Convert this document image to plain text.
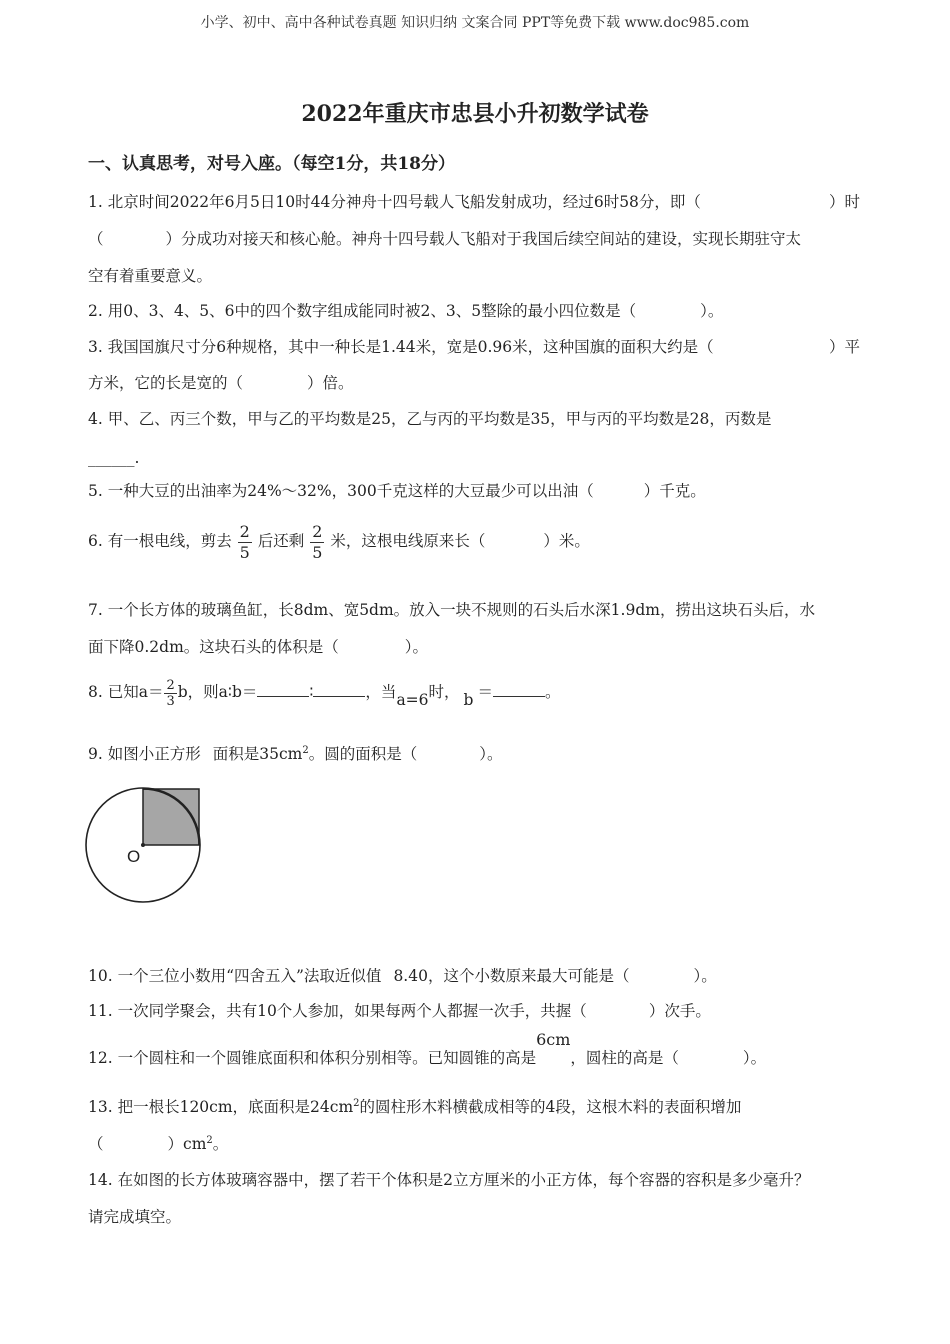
小学、初中、高中各种试卷真题 知识归纳 文案合同 PPT等免费下载 www.doc985.com
2022年重庆市忠县小升初数学试卷
一、认真思考，对号入座。（每空1分，共18分）
1. 北京时间2022年6月5日10时44分神舟十四号载人飞船发射成功，经过6时58分，即（	）时
（	）分成功对接天和核心舱。神舟十四号载人飞船对于我国后续空间站的建设，实现长期驻守太
空有着重要意义。
2. 用0、3、4、5、6中的四个数字组成能同时被2、3、5整除的最小四位数是（	）。
3. 我国国旗尺寸分6种规格，其中一种长是1.44米，宽是0.96米，这种国旗的面积大约是（	）平
方米，它的长是宽的（	）倍。
4. 甲、乙、丙三个数，甲与乙的平均数是25，乙与丙的平均数是35，甲与丙的平均数是28，丙数是
______.
5. 一种大豆的出油率为24%～32%，300千克这样的大豆最少可以出油（	）千克。
6. 有一根电线，剪去 $\frac{2}{5}$ 后还剩 $\frac{2}{5}$ 米，这根电线原来长（	）米。
7. 一个长方体的玻璃鱼缸，长8dm、宽5dm。放入一块不规则的石头后水深1.9dm，捞出这块石头后，水
面下降0.2dm。这块石头的体积是（	）。
8. 已知$a= \frac{2}{3}$ b，则a∶b＝	∶	，当a=6时， b ＝	。
9. 如图小正方形 面积是$35cm^2$。圆的面积是（	）。
O
10. 一个三位小数用“四舍五入”法取近似值 8.40，这个小数原来最大可能是（	）。
11. 一次同学聚会，共有10个人参加，如果每两个人都握一次手，共握（	）次手。
12. 一个圆柱和一个圆锥底面积和体积分别相等。已知圆锥的高是6cm，圆柱的高是（	）。
13. 把一根长120cm，底面积是$24cm^2$的圆柱形木料横截成相等的4段，这根木料的表面积增加
（	）$cm^2$。
14. 在如图的长方体玻璃容器中，摆了若干个体积是2立方厘米的小正方体，每个容器的容积是多少毫升？
请完成填空。
